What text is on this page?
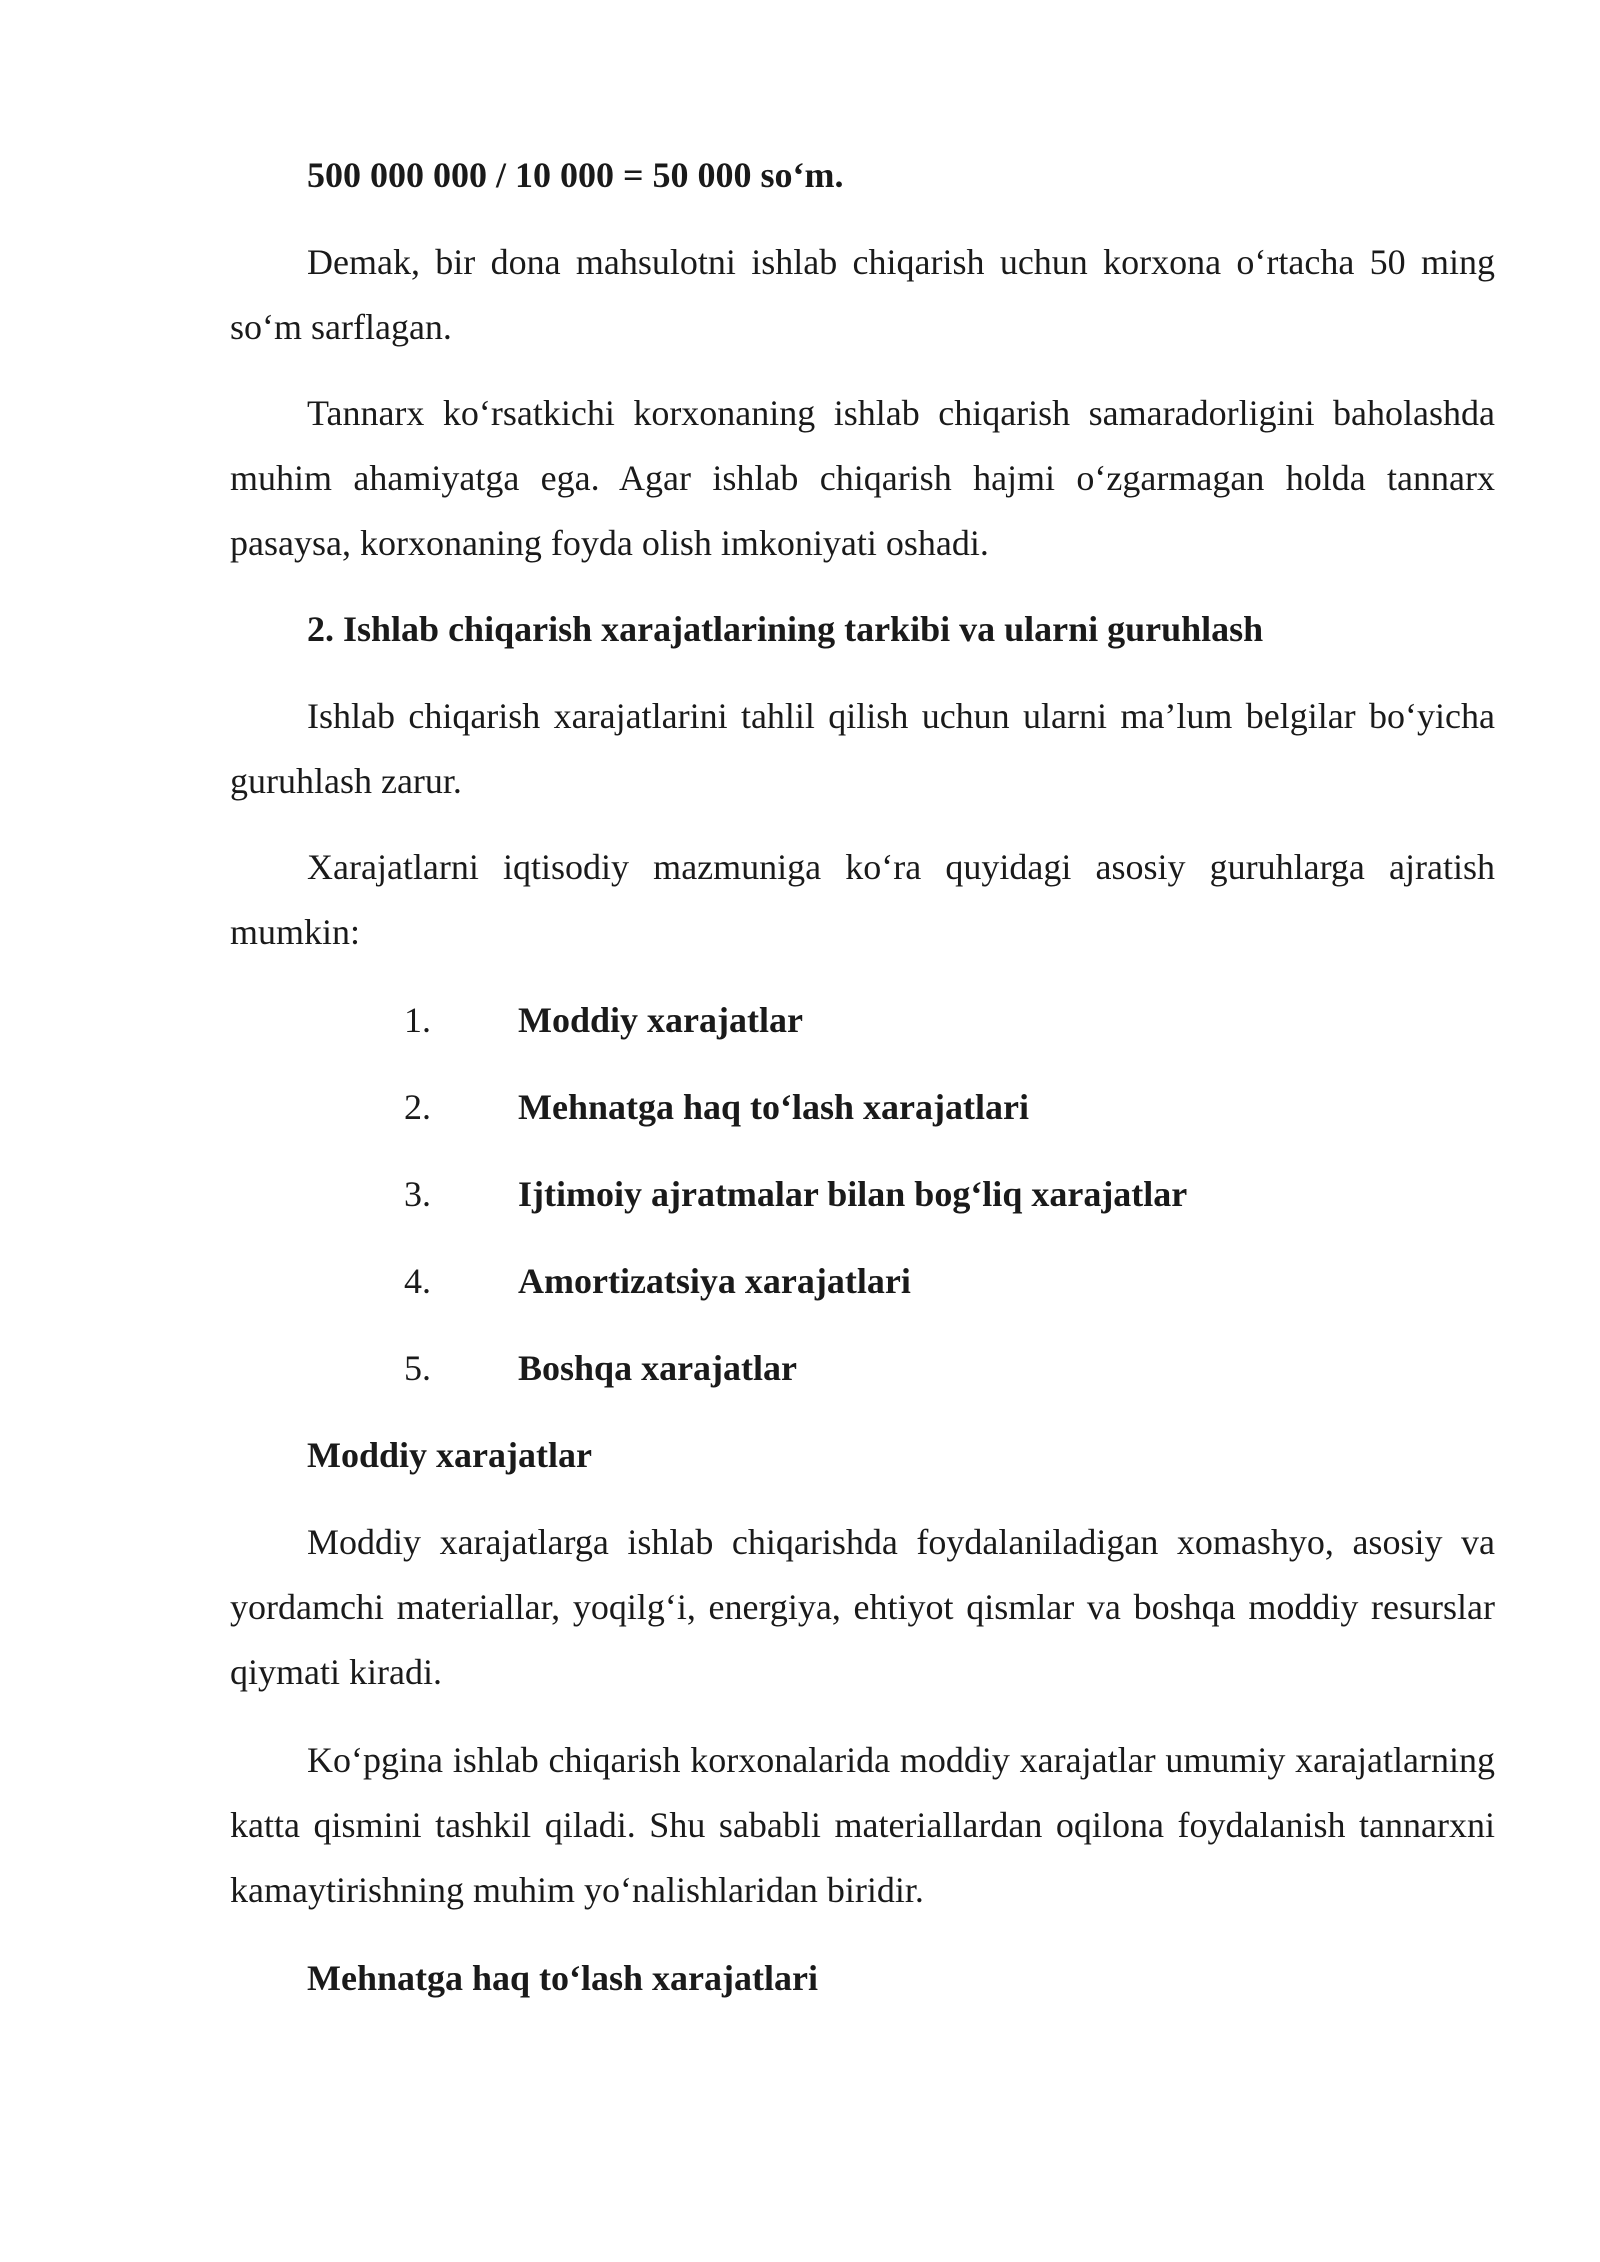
500 000 000 / 10 000 = 50 000 so‘m.

Demak, bir dona mahsulotni ishlab chiqarish uchun korxona o‘rtacha 50 ming so‘m sarflagan.

Tannarx ko‘rsatkichi korxonaning ishlab chiqarish samaradorligini baholashda muhim ahamiyatga ega. Agar ishlab chiqarish hajmi o‘zgarmagan holda tannarx pasaysa, korxonaning foyda olish imkoniyati oshadi.

2. Ishlab chiqarish xarajatlarining tarkibi va ularni guruhlash

Ishlab chiqarish xarajatlarini tahlil qilish uchun ularni ma’lum belgilar bo‘yicha guruhlash zarur.

Xarajatlarni iqtisodiy mazmuniga ko‘ra quyidagi asosiy guruhlarga ajratish mumkin:

1. Moddiy xarajatlar
2. Mehnatga haq to‘lash xarajatlari
3. Ijtimoiy ajratmalar bilan bog‘liq xarajatlar
4. Amortizatsiya xarajatlari
5. Boshqa xarajatlar

Moddiy xarajatlar

Moddiy xarajatlarga ishlab chiqarishda foydalaniladigan xomashyo, asosiy va yordamchi materiallar, yoqilg‘i, energiya, ehtiyot qismlar va boshqa moddiy resurslar qiymati kiradi.

Ko‘pgina ishlab chiqarish korxonalarida moddiy xarajatlar umumiy xarajatlarning katta qismini tashkil qiladi. Shu sababli materiallardan oqilona foydalanish tannarxni kamaytirishning muhim yo‘nalishlaridan biridir.

Mehnatga haq to‘lash xarajatlari
